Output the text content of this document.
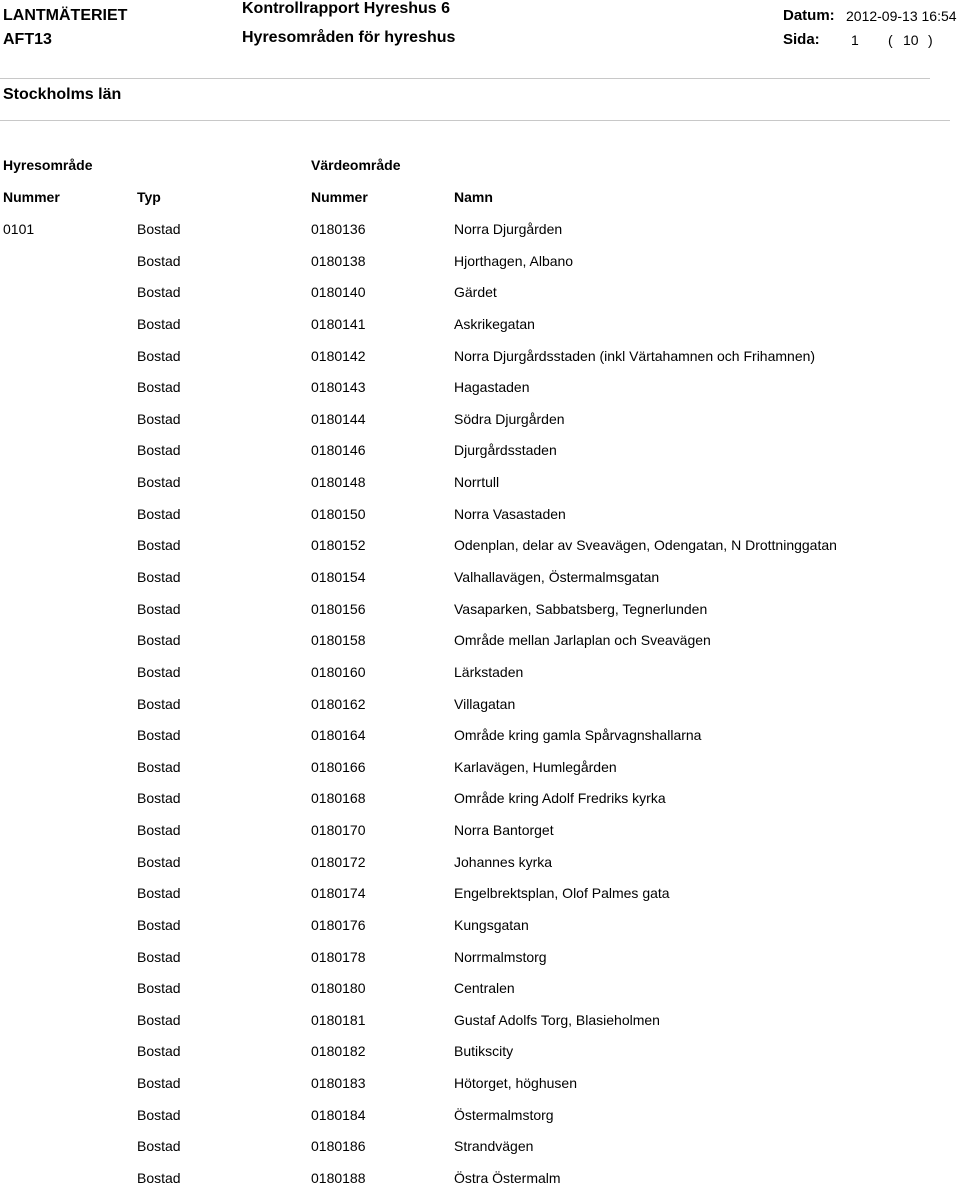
LANTMÄTERIET
AFT13
Kontrollrapport Hyreshus 6
Hyresområden för hyreshus
Datum: 2012-09-13 16:54
Sida: 1 ( 10 )
Stockholms län
Hyresområde	Värdeområde
Nummer	Typ	Nummer	Namn
0101	Bostad	0180136	Norra Djurgården
Bostad	0180138	Hjorthagen, Albano
Bostad	0180140	Gärdet
Bostad	0180141	Askrikegatan
Bostad	0180142	Norra Djurgårdsstaden (inkl Värtahamnen och Frihamnen)
Bostad	0180143	Hagastaden
Bostad	0180144	Södra Djurgården
Bostad	0180146	Djurgårdsstaden
Bostad	0180148	Norrtull
Bostad	0180150	Norra Vasastaden
Bostad	0180152	Odenplan, delar av Sveavägen, Odengatan, N Drottninggatan
Bostad	0180154	Valhallavägen, Östermalmsgatan
Bostad	0180156	Vasaparken, Sabbatsberg, Tegnerlunden
Bostad	0180158	Område mellan Jarlaplan och Sveavägen
Bostad	0180160	Lärkstaden
Bostad	0180162	Villagatan
Bostad	0180164	Område kring gamla Spårvagnshallarna
Bostad	0180166	Karlavägen, Humlegården
Bostad	0180168	Område kring Adolf Fredriks kyrka
Bostad	0180170	Norra Bantorget
Bostad	0180172	Johannes kyrka
Bostad	0180174	Engelbrektsplan, Olof Palmes gata
Bostad	0180176	Kungsgatan
Bostad	0180178	Norrmalmstorg
Bostad	0180180	Centralen
Bostad	0180181	Gustaf Adolfs Torg, Blasieholmen
Bostad	0180182	Butikscity
Bostad	0180183	Hötorget, höghusen
Bostad	0180184	Östermalmstorg
Bostad	0180186	Strandvägen
Bostad	0180188	Östra Östermalm
